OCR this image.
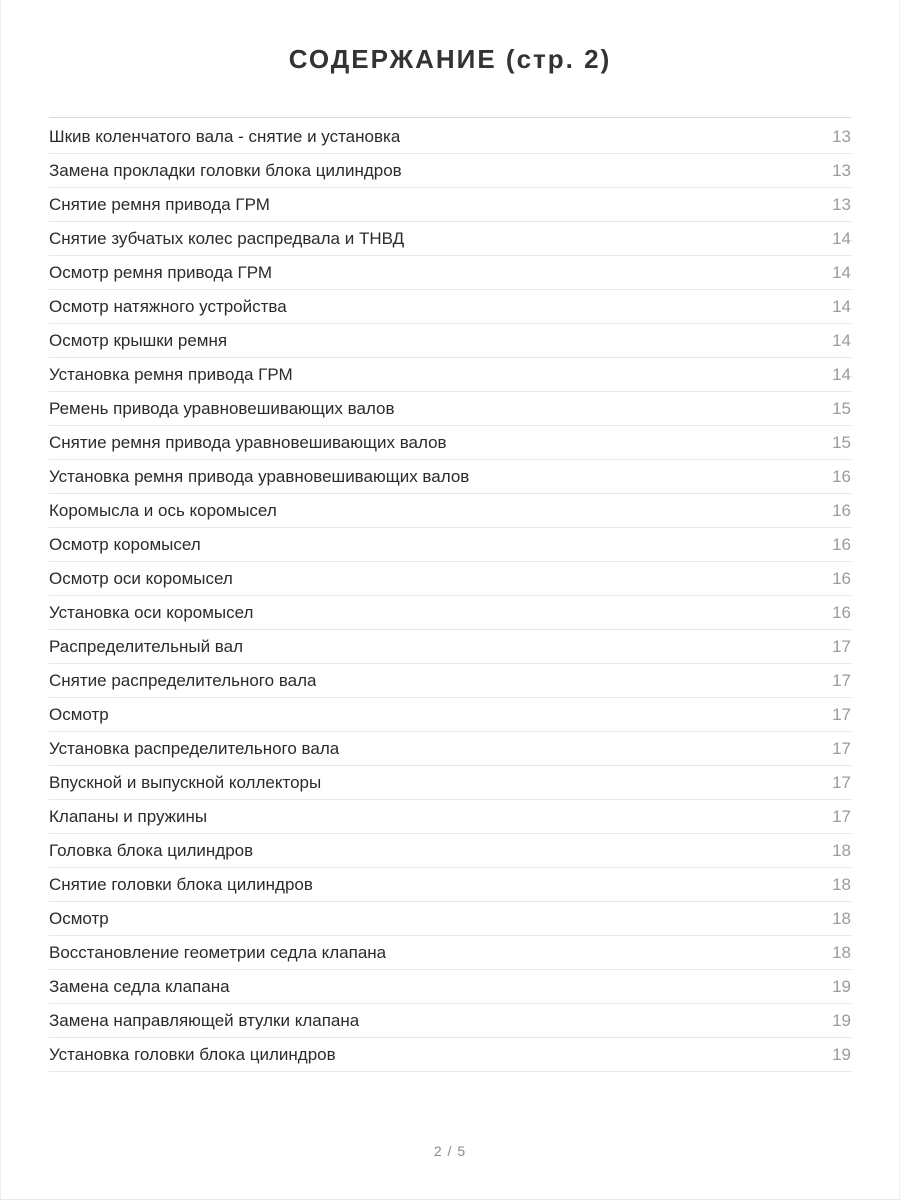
СОДЕРЖАНИЕ (стр. 2)
Шкив коленчатого вала - снятие и установка	13
Замена прокладки головки блока цилиндров	13
Снятие ремня привода ГРМ	13
Снятие зубчатых колес распредвала и ТНВД	14
Осмотр ремня привода ГРМ	14
Осмотр натяжного устройства	14
Осмотр крышки ремня	14
Установка ремня привода ГРМ	14
Ремень привода уравновешивающих валов	15
Снятие ремня привода уравновешивающих валов	15
Установка ремня привода уравновешивающих валов	16
Коромысла и ось коромысел	16
Осмотр коромысел	16
Осмотр оси коромысел	16
Установка оси коромысел	16
Распределительный вал	17
Снятие распределительного вала	17
Осмотр	17
Установка распределительного вала	17
Впускной и выпускной коллекторы	17
Клапаны и пружины	17
Головка блока цилиндров	18
Снятие головки блока цилиндров	18
Осмотр	18
Восстановление геометрии седла клапана	18
Замена седла клапана	19
Замена направляющей втулки клапана	19
Установка головки блока цилиндров	19
2 / 5
